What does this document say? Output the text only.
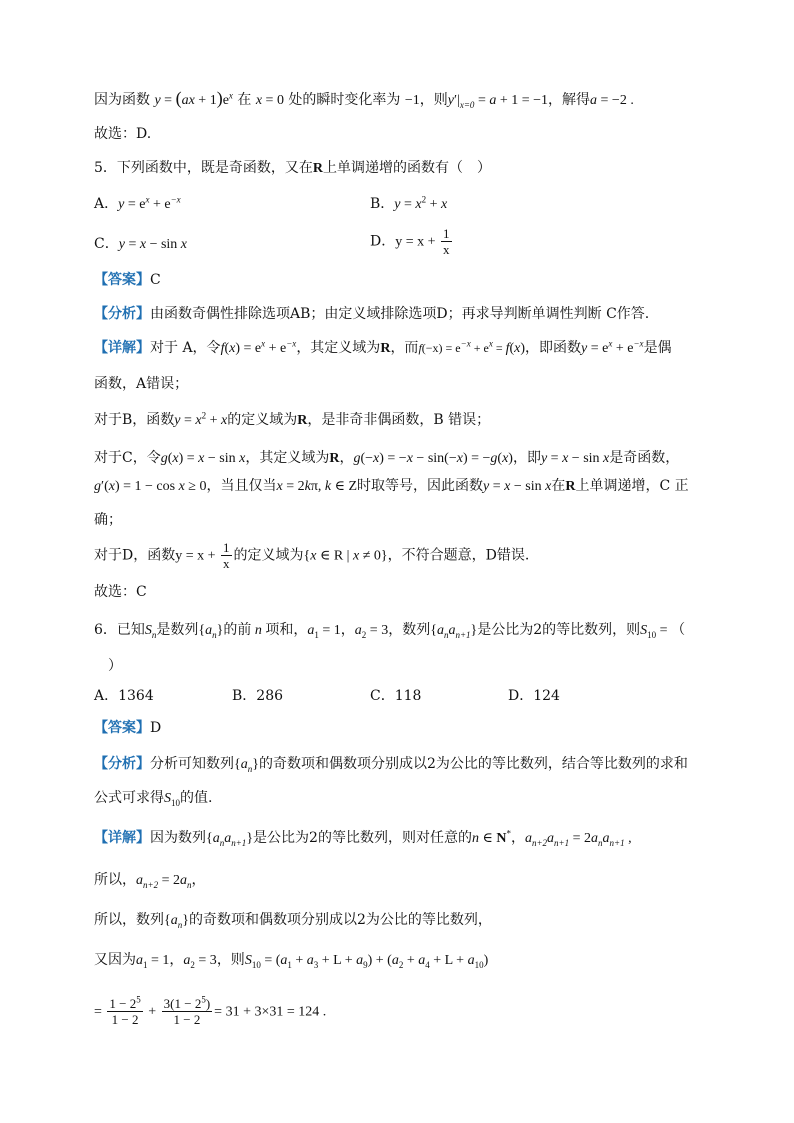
因为函数 $y = (ax + 1)e^x$ 在 x = 0 处的瞬时变化率为 −1，则$y'|_{x=0} = a + 1 = -1$，解得a = −2 .
故选：D.
5．下列函数中，既是奇函数，又在R上单调递增的函数有（　）
A．$y = e^x + e^{-x}$	B．$y = x^2 + x$
C．y = x − sin x	D．$y = x + \frac{1}{x}$
【答案】C
【分析】由函数奇偶性排除选项AB；由定义域排除选项D；再求导判断单调性判断 C作答.
【详解】对于 A，令$f(x) = e^x + e^{-x}$，其定义域为R，而$f(-x) = e^{-x} + e^x = f(x)$，即函数$y = e^x + e^{-x}$是偶
函数，A错误；
对于B，函数$y = x^2 + x$的定义域为R，是非奇非偶函数，B 错误；
对于C，令g(x) = x − sin x，其定义域为R，g(−x) = −x − sin(−x) = −g(x)，即y = x − sin x是奇函数，
g′(x) = 1 − cos x ≥ 0，当且仅当x = 2kπ, k ∈ Z时取等号，因此函数y = x − sin x在R上单调递增，C 正
确；
对于D，函数$y = x + \frac{1}{x}$ 的定义域为{x ∈ R | x ≠ 0}，不符合题意，D错误.
故选：C
6．已知$S_n$是数列$\{a_n\}$的前 n 项和，$a_1 = 1$，$a_2 = 3$，数列$\{a_na_{n+1}\}$是公比为2的等比数列，则$S_{10}$ = （
）
A．1364	B．286	C．118	D．124
【答案】D
【分析】分析可知数列$\{a_n\}$的奇数项和偶数项分别成以2为公比的等比数列，结合等比数列的求和
公式可求得$S_{10}$的值.
【详解】因为数列$\{a_na_{n+1}\}$是公比为2的等比数列，则对任意的n ∈ N*，$a_{n+2}a_{n+1} = 2a_na_{n+1}$ ,
所以，$a_{n+2} = 2a_n$，
所以，数列$\{a_n\}$的奇数项和偶数项分别成以2为公比的等比数列，
又因为$a_1 = 1$，$a_2 = 3$，则$S_{10} = (a_1 + a_3 + L + a_9) + (a_2 + a_4 + L + a_{10})$
= $\frac{1 - 2^5}{1 - 2} + \frac{3(1 - 2^5)}{1 - 2} = 31 + 3\times 31 = 124$ .
